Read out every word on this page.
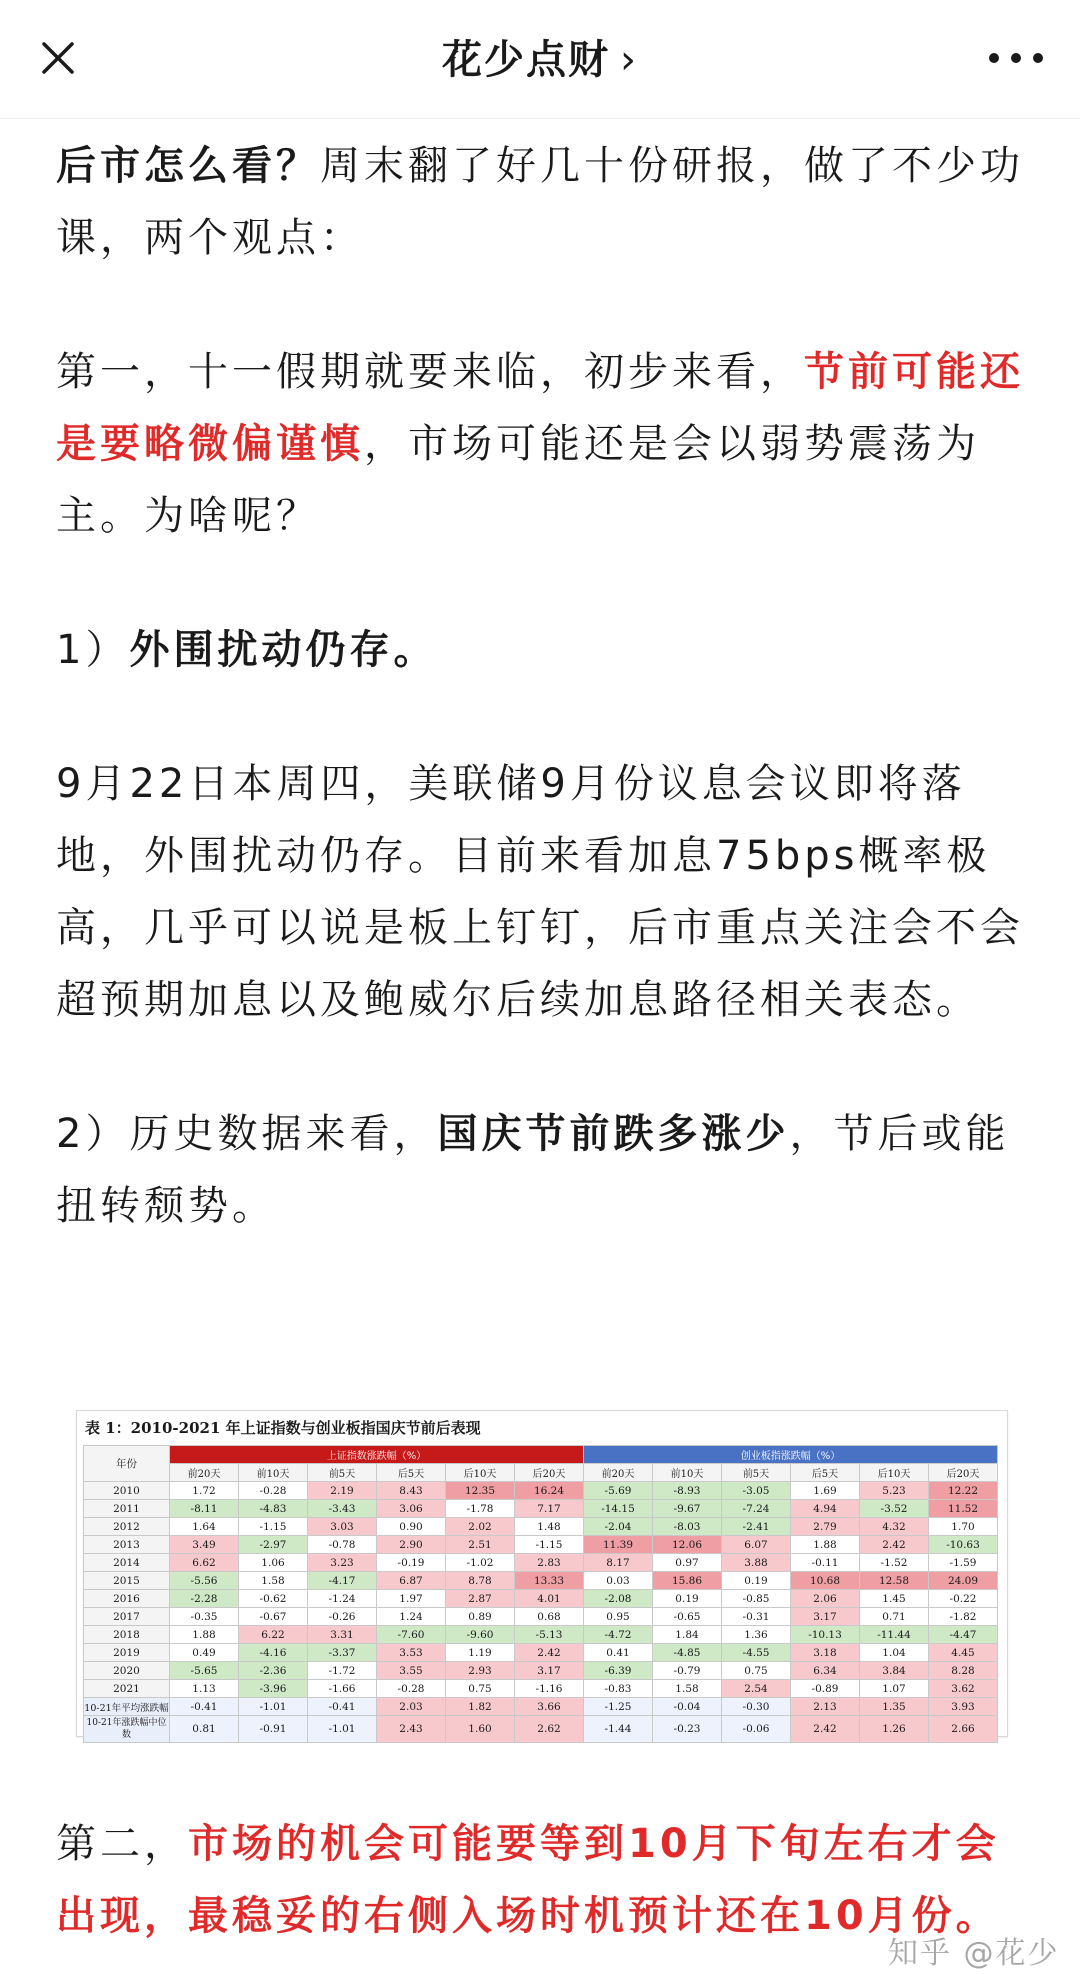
花少点财 ›

后市怎么看？周末翻了好几十份研报，做了不少功课，两个观点：

第一，十一假期就要来临，初步来看，节前可能还是要略微偏谨慎，市场可能还是会以弱势震荡为主。为啥呢？

1）外围扰动仍存。

9月22日本周四，美联储9月份议息会议即将落地，外围扰动仍存。目前来看加息75bps概率极高，几乎可以说是板上钉钉，后市重点关注会不会超预期加息以及鲍威尔后续加息路径相关表态。

2）历史数据来看，国庆节前跌多涨少，节后或能扭转颓势。

表 1：2010-2021 年上证指数与创业板指国庆节前后表现
年份	上证指数涨跌幅（%）						创业板指涨跌幅（%）					
	前20天	前10天	前5天	后5天	后10天	后20天	前20天	前10天	前5天	后5天	后10天	后20天
2010	1.72	-0.28	2.19	8.43	12.35	16.24	-5.69	-8.93	-3.05	1.69	5.23	12.22
2011	-8.11	-4.83	-3.43	3.06	-1.78	7.17	-14.15	-9.67	-7.24	4.94	-3.52	11.52
2012	1.64	-1.15	3.03	0.90	2.02	1.48	-2.04	-8.03	-2.41	2.79	4.32	1.70
2013	3.49	-2.97	-0.78	2.90	2.51	-1.15	11.39	12.06	6.07	1.88	2.42	-10.63
2014	6.62	1.06	3.23	-0.19	-1.02	2.83	8.17	0.97	3.88	-0.11	-1.52	-1.59
2015	-5.56	1.58	-4.17	6.87	8.78	13.33	0.03	15.86	0.19	10.68	12.58	24.09
2016	-2.28	-0.62	-1.24	1.97	2.87	4.01	-2.08	0.19	-0.85	2.06	1.45	-0.22
2017	-0.35	-0.67	-0.26	1.24	0.89	0.68	0.95	-0.65	-0.31	3.17	0.71	-1.82
2018	1.88	6.22	3.31	-7.60	-9.60	-5.13	-4.72	1.84	1.36	-10.13	-11.44	-4.47
2019	0.49	-4.16	-3.37	3.53	1.19	2.42	0.41	-4.85	-4.55	3.18	1.04	4.45
2020	-5.65	-2.36	-1.72	3.55	2.93	3.17	-6.39	-0.79	0.75	6.34	3.84	8.28
2021	1.13	-3.96	-1.66	-0.28	0.75	-1.16	-0.83	1.58	2.54	-0.89	1.07	3.62
10-21年平均涨跌幅	-0.41	-1.01	-0.41	2.03	1.82	3.66	-1.25	-0.04	-0.30	2.13	1.35	3.93
10-21年涨跌幅中位数	0.81	-0.91	-1.01	2.43	1.60	2.62	-1.44	-0.23	-0.06	2.42	1.26	2.66
第二，市场的机会可能要等到10月下旬左右才会出现，最稳妥的右侧入场时机预计还在10月份。
知乎 @花少
